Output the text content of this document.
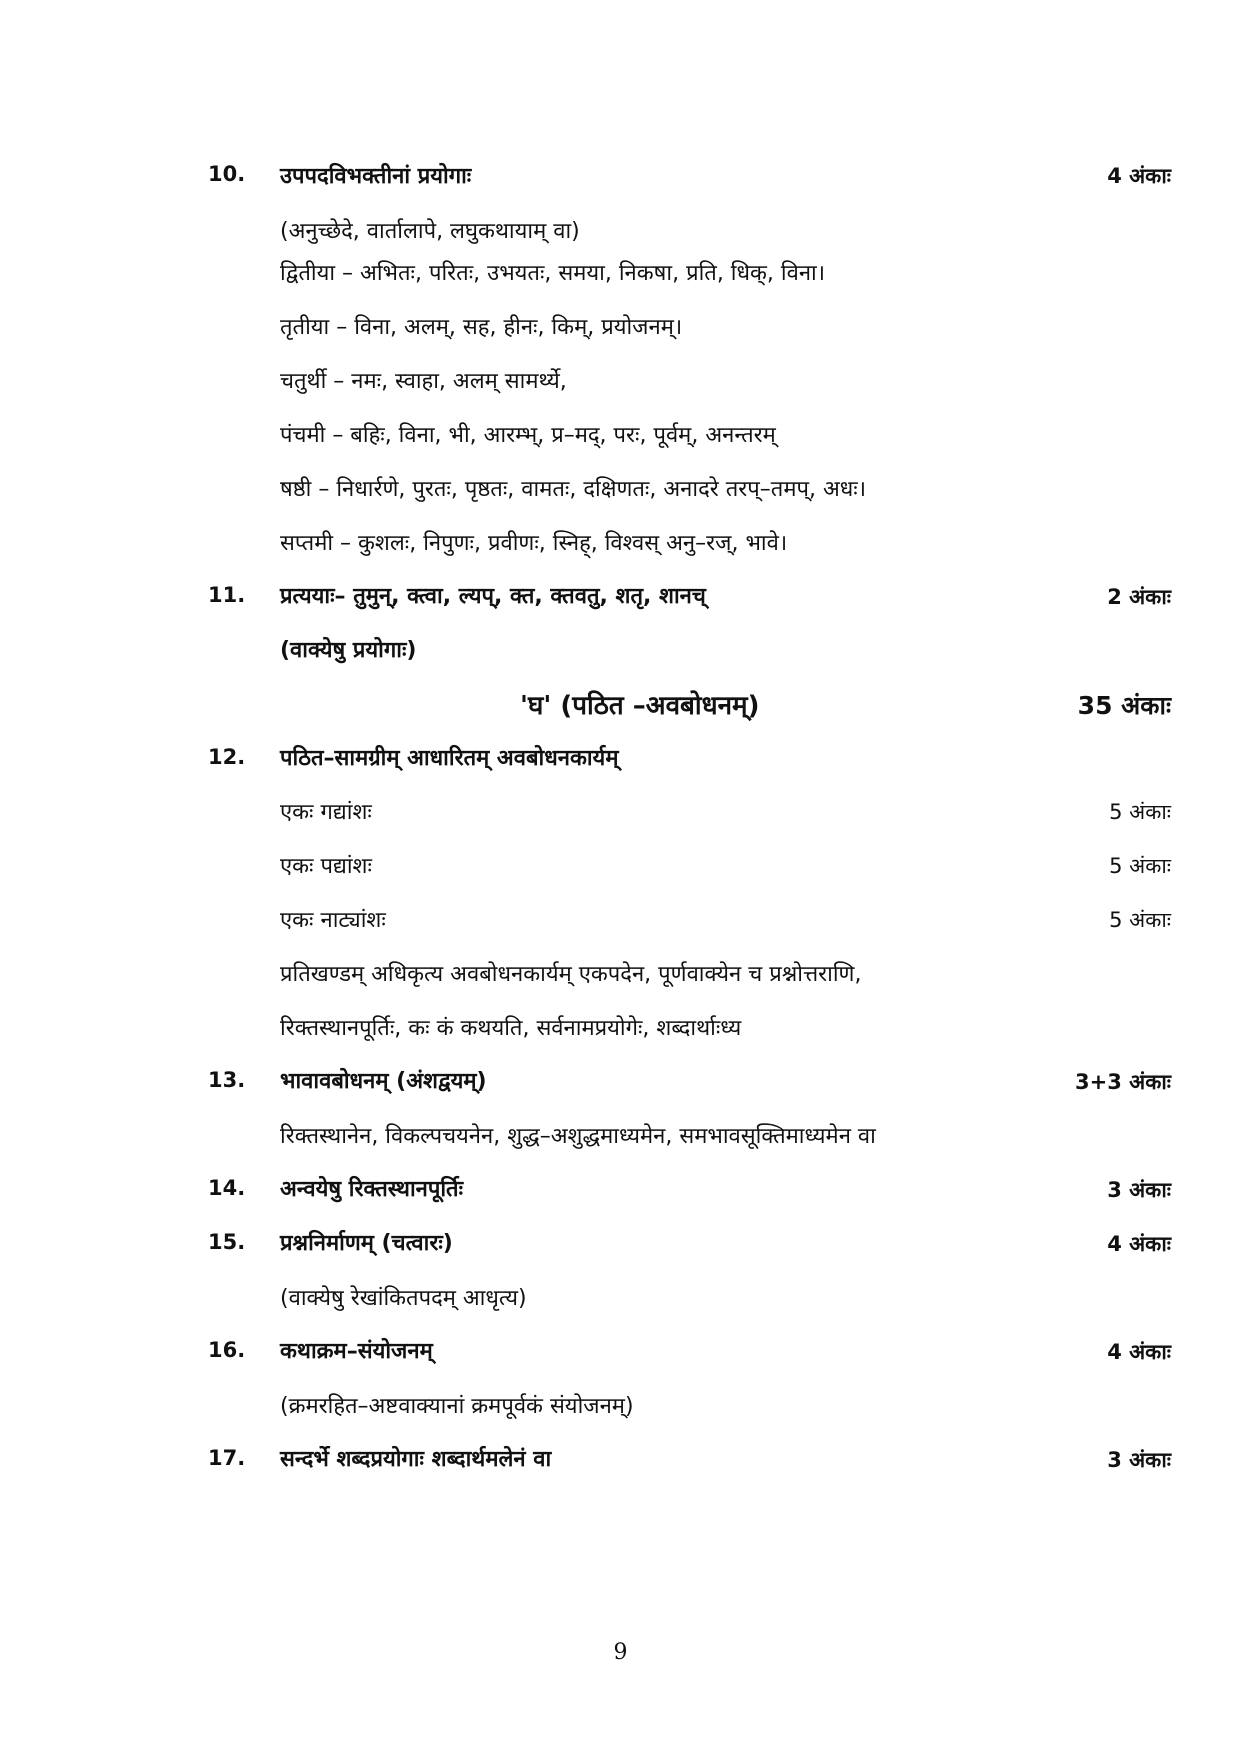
10. उपपदविभक्तीनां प्रयोगाः	4 अंकाः
(अनुच्छेदे, वार्तालापे, लघुकथायाम् वा)
द्वितीया – अभितः, परितः, उभयतः, समया, निकषा, प्रति, धिक्, विना।
तृतीया – विना, अलम्, सह, हीनः, किम्, प्रयोजनम्।
चतुर्थी – नमः, स्वाहा, अलम् सामर्थ्ये,
पंचमी – बहिः, विना, भी, आरम्भ्, प्र–मद्, परः, पूर्वम्, अनन्तरम्
षष्ठी – निधार्रणे, पुरतः, पृष्ठतः, वामतः, दक्षिणतः, अनादरे तरप्–तमप्, अधः।
सप्तमी – कुशलः, निपुणः, प्रवीणः, स्निह्, विश्वस् अनु–रज्, भावे।
11. प्रत्ययाः– तुमुन्, क्त्वा, ल्यप्, क्त, क्तवतु, शतृ, शानच्	2 अंकाः
(वाक्येषु प्रयोगाः)
'घ' (पठित –अवबोधनम्)	35 अंकाः
12. पठित–सामग्रीम् आधारितम् अवबोधनकार्यम्
एकः गद्यांशः	5 अंकाः
एकः पद्यांशः	5 अंकाः
एकः नाट्यांशः	5 अंकाः
प्रतिखण्डम् अधिकृत्य अवबोधनकार्यम् एकपदेन, पूर्णवाक्येन च प्रश्नोत्तराणि,
रिक्तस्थानपूर्तिः, कः कं कथयति, सर्वनामप्रयोगेः, शब्दार्थाःध्य
13. भावावबोधनम् (अंशद्वयम्)	3+3 अंकाः
रिक्तस्थानेन, विकल्पचयनेन, शुद्ध–अशुद्धमाध्यमेन, समभावसूक्तिमाध्यमेन वा
14. अन्वयेषु रिक्तस्थानपूर्तिः	3 अंकाः
15. प्रश्ननिर्माणम् (चत्वारः)	4 अंकाः
(वाक्येषु रेखांकितपदम् आधृत्य)
16. कथाक्रम–संयोजनम्	4 अंकाः
(क्रमरहित–अष्टवाक्यानां क्रमपूर्वकं संयोजनम्)
17. सन्दर्भे शब्दप्रयोगाः शब्दार्थमलेनं वा	3 अंकाः
9
